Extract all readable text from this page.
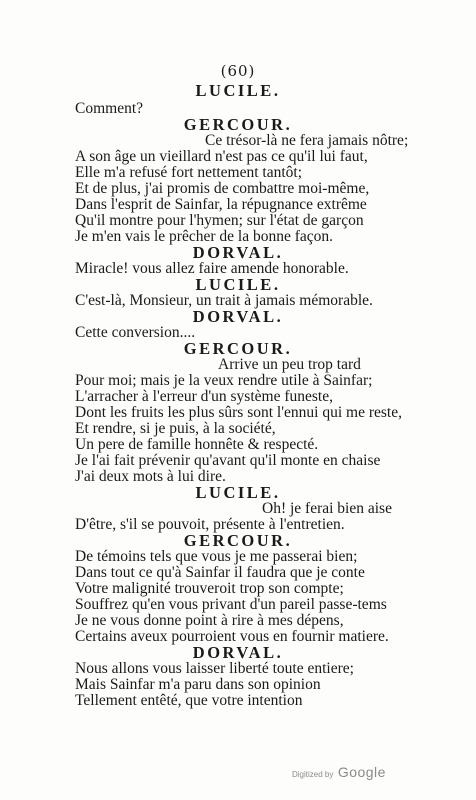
(60)
LUCILE.
Comment?
GERCOUR.
Ce trésor-là ne fera jamais nôtre;
A son âge un vieillard n'est pas ce qu'il lui faut,
Elle m'a refusé fort nettement tantôt;
Et de plus, j'ai promis de combattre moi-même,
Dans l'esprit de Sainfar, la répugnance extrême
Qu'il montre pour l'hymen; sur l'état de garçon
Je m'en vais le prêcher de la bonne façon.
DORVAL.
Miracle! vous allez faire amende honorable.
LUCILE.
C'est-là, Monsieur, un trait à jamais mémorable.
DORVAL.
Cette conversion....
GERCOUR.
Arrive un peu trop tard
Pour moi; mais je la veux rendre utile à Sainfar;
L'arracher à l'erreur d'un système funeste,
Dont les fruits les plus sûrs sont l'ennui qui me reste,
Et rendre, si je puis, à la société,
Un pere de famille honnête & respecté.
Je l'ai fait prévenir qu'avant qu'il monte en chaise
J'ai deux mots à lui dire.
LUCILE.
Oh! je ferai bien aise
D'être, s'il se pouvoit, présente à l'entretien.
GERCOUR.
De témoins tels que vous je me passerai bien;
Dans tout ce qu'à Sainfar il faudra que je conte
Votre malignité trouveroit trop son compte;
Souffrez qu'en vous privant d'un pareil passe-tems
Je ne vous donne point à rire à mes dépens,
Certains aveux pourroient vous en fournir matiere.
DORVAL.
Nous allons vous laisser liberté toute entiere;
Mais Sainfar m'a paru dans son opinion
Tellement entêté, que votre intention
Digitized by Google
